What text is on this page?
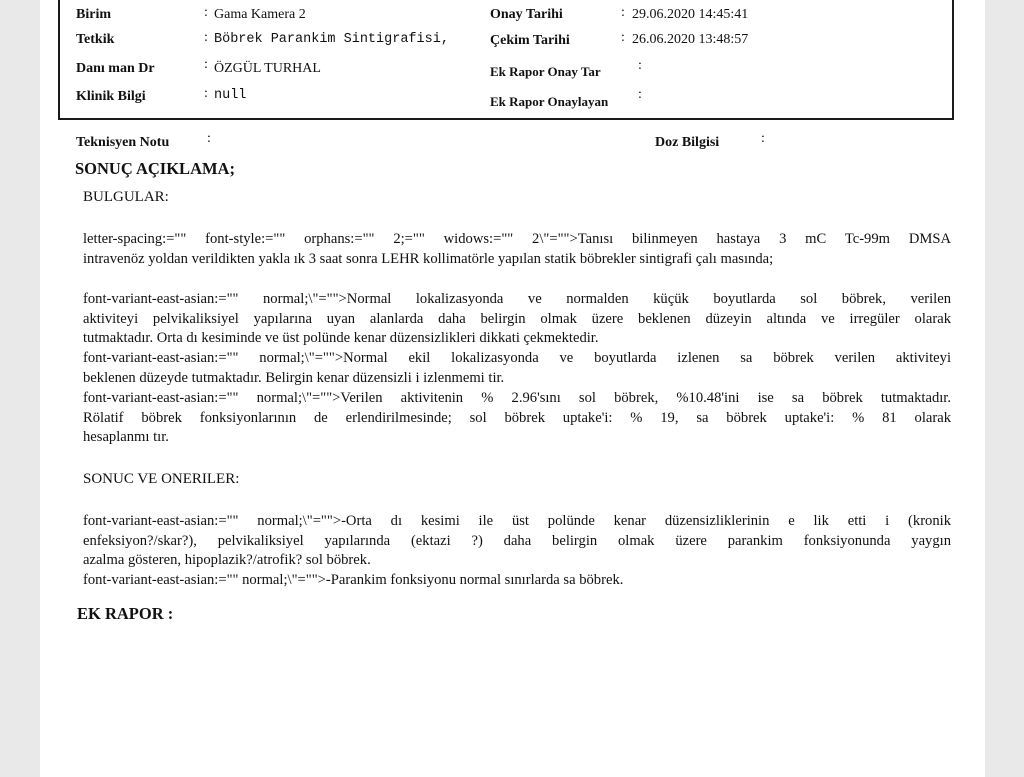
Birim	: Gama Kamera 2
Tetkik	: Böbrek Parankim Sintigrafisi,
Danı man Dr	: ÖZGÜL TURHAL
Klinik Bilgi	: null
Onay Tarihi	: 29.06.2020 14:45:41
Çekim Tarihi	: 26.06.2020 13:48:57
Ek Rapor Onay Tar	:
Ek Rapor Onaylayan :
Teknisyen Notu	:	Doz Bilgisi	:
SONUÇ AÇIKLAMA;
BULGULAR:

letter-spacing:="" font-style:="" orphans:="" 2;="" widows:="" 2\"="">Tanısı bilinmeyen hastaya 3 mC Tc-99m DMSA
intravenöz yoldan verildikten yakla ık 3 saat sonra LEHR kollimatörle yapılan statik böbrekler sintigrafi çalı masında;

font-variant-east-asian:="" normal;\"="">Normal lokalizasyonda ve normalden küçük boyutlarda sol böbrek, verilen
aktiviteyi pelvikaliksiyel yapılarına uyan alanlarda daha belirgin olmak üzere beklenen düzeyin altında ve irregüler olarak
tutmaktadır. Orta dı kesiminde ve üst polünde kenar düzensizlikleri dikkati çekmektedir.

font-variant-east-asian:="" normal;\"="">Normal ekil lokalizasyonda ve boyutlarda izlenen sa böbrek verilen aktiviteyi
beklenen düzeyde tutmaktadır. Belirgin kenar düzensizli i izlenmemi tir.

font-variant-east-asian:="" normal;\"="">Verilen aktivitenin % 2.96'sını sol böbrek, %10.48'ini ise sa böbrek tutmaktadır.
Rölatif böbrek fonksiyonlarının de erlendirilmesinde; sol böbrek uptake'i: % 19, sa böbrek uptake'i: % 81 olarak
hesaplanmı tır.

SONUC VE ONERILER:

font-variant-east-asian:="" normal;\"="">-Orta dı kesimi ile üst polünde kenar düzensizliklerinin e lik etti i (kronik
enfeksiyon?/skar?), pelvikaliksiyel yapılarında (ektazi ?) daha belirgin olmak üzere parankim fonksiyonunda yaygın
azalma gösteren, hipoplazik?/atrofik? sol böbrek.

font-variant-east-asian:="" normal;\"="">-Parankim fonksiyonu normal sınırlarda sa böbrek.

EK RAPOR :
